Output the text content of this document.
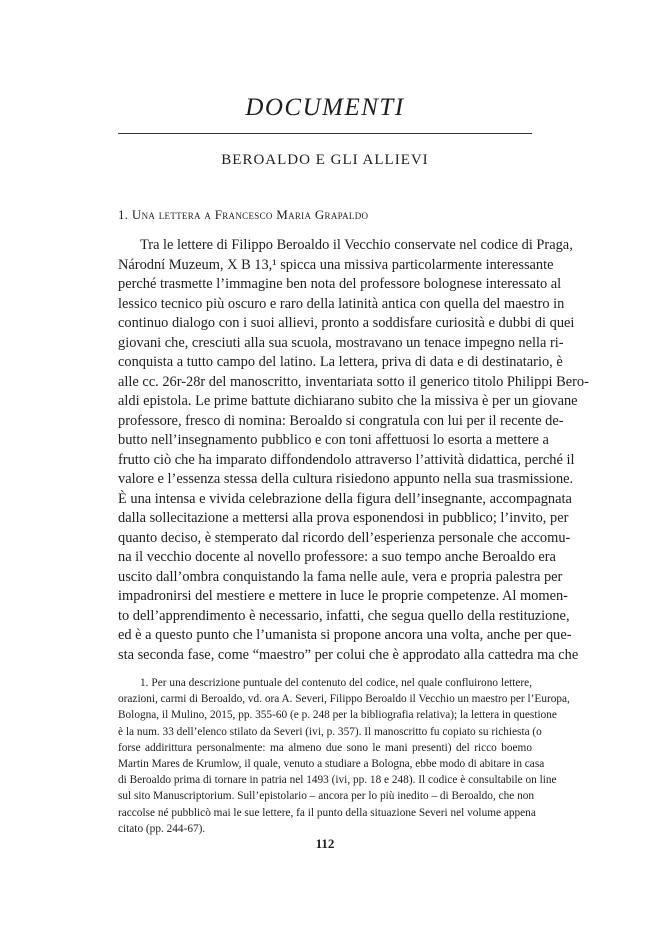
DOCUMENTI
BEROALDO E GLI ALLIEVI
1. Una lettera a Francesco Maria Grapaldo
Tra le lettere di Filippo Beroaldo il Vecchio conservate nel codice di Praga,
Národní Muzeum, X B 13,¹ spicca una missiva particolarmente interessante
perché trasmette l’immagine ben nota del professore bolognese interessato al
lessico tecnico più oscuro e raro della latinità antica con quella del maestro in
continuo dialogo con i suoi allievi, pronto a soddisfare curiosità e dubbi di quei
giovani che, cresciuti alla sua scuola, mostravano un tenace impegno nella ri-
conquista a tutto campo del latino. La lettera, priva di data e di destinatario, è
alle cc. 26r-28r del manoscritto, inventariata sotto il generico titolo Philippi Bero-
aldi epistola. Le prime battute dichiarano subito che la missiva è per un giovane
professore, fresco di nomina: Beroaldo si congratula con lui per il recente de-
butto nell’insegnamento pubblico e con toni affettuosi lo esorta a mettere a
frutto ciò che ha imparato diffondendolo attraverso l’attività didattica, perché il
valore e l’essenza stessa della cultura risiedono appunto nella sua trasmissione.
È una intensa e vivida celebrazione della figura dell’insegnante, accompagnata
dalla sollecitazione a mettersi alla prova esponendosi in pubblico; l’invito, per
quanto deciso, è stemperato dal ricordo dell’esperienza personale che accomu-
na il vecchio docente al novello professore: a suo tempo anche Beroaldo era
uscito dall’ombra conquistando la fama nelle aule, vera e propria palestra per
impadronirsi del mestiere e mettere in luce le proprie competenze. Al momen-
to dell’apprendimento è necessario, infatti, che segua quello della restituzione,
ed è a questo punto che l’umanista si propone ancora una volta, anche per que-
sta seconda fase, come “maestro” per colui che è approdato alla cattedra ma che
1. Per una descrizione puntuale del contenuto del codice, nel quale confluirono lettere,
orazioni, carmi di Beroaldo, vd. ora A. Severi, Filippo Beroaldo il Vecchio un maestro per l’Europa,
Bologna, il Mulino, 2015, pp. 355-60 (e p. 248 per la bibliografia relativa); la lettera in questione
è la num. 33 dell’elenco stilato da Severi (ivi, p. 357). Il manoscritto fu copiato su richiesta (o
forse addirittura personalmente: ma almeno due sono le mani presenti) del ricco boemo
Martin Mares de Krumlow, il quale, venuto a studiare a Bologna, ebbe modo di abitare in casa
di Beroaldo prima di tornare in patria nel 1493 (ivi, pp. 18 e 248). Il codice è consultabile on line
sul sito Manuscriptorium. Sull’epistolario – ancora per lo più inedito – di Beroaldo, che non
raccolse né pubblicò mai le sue lettere, fa il punto della situazione Severi nel volume appena
citato (pp. 244-67).
112
